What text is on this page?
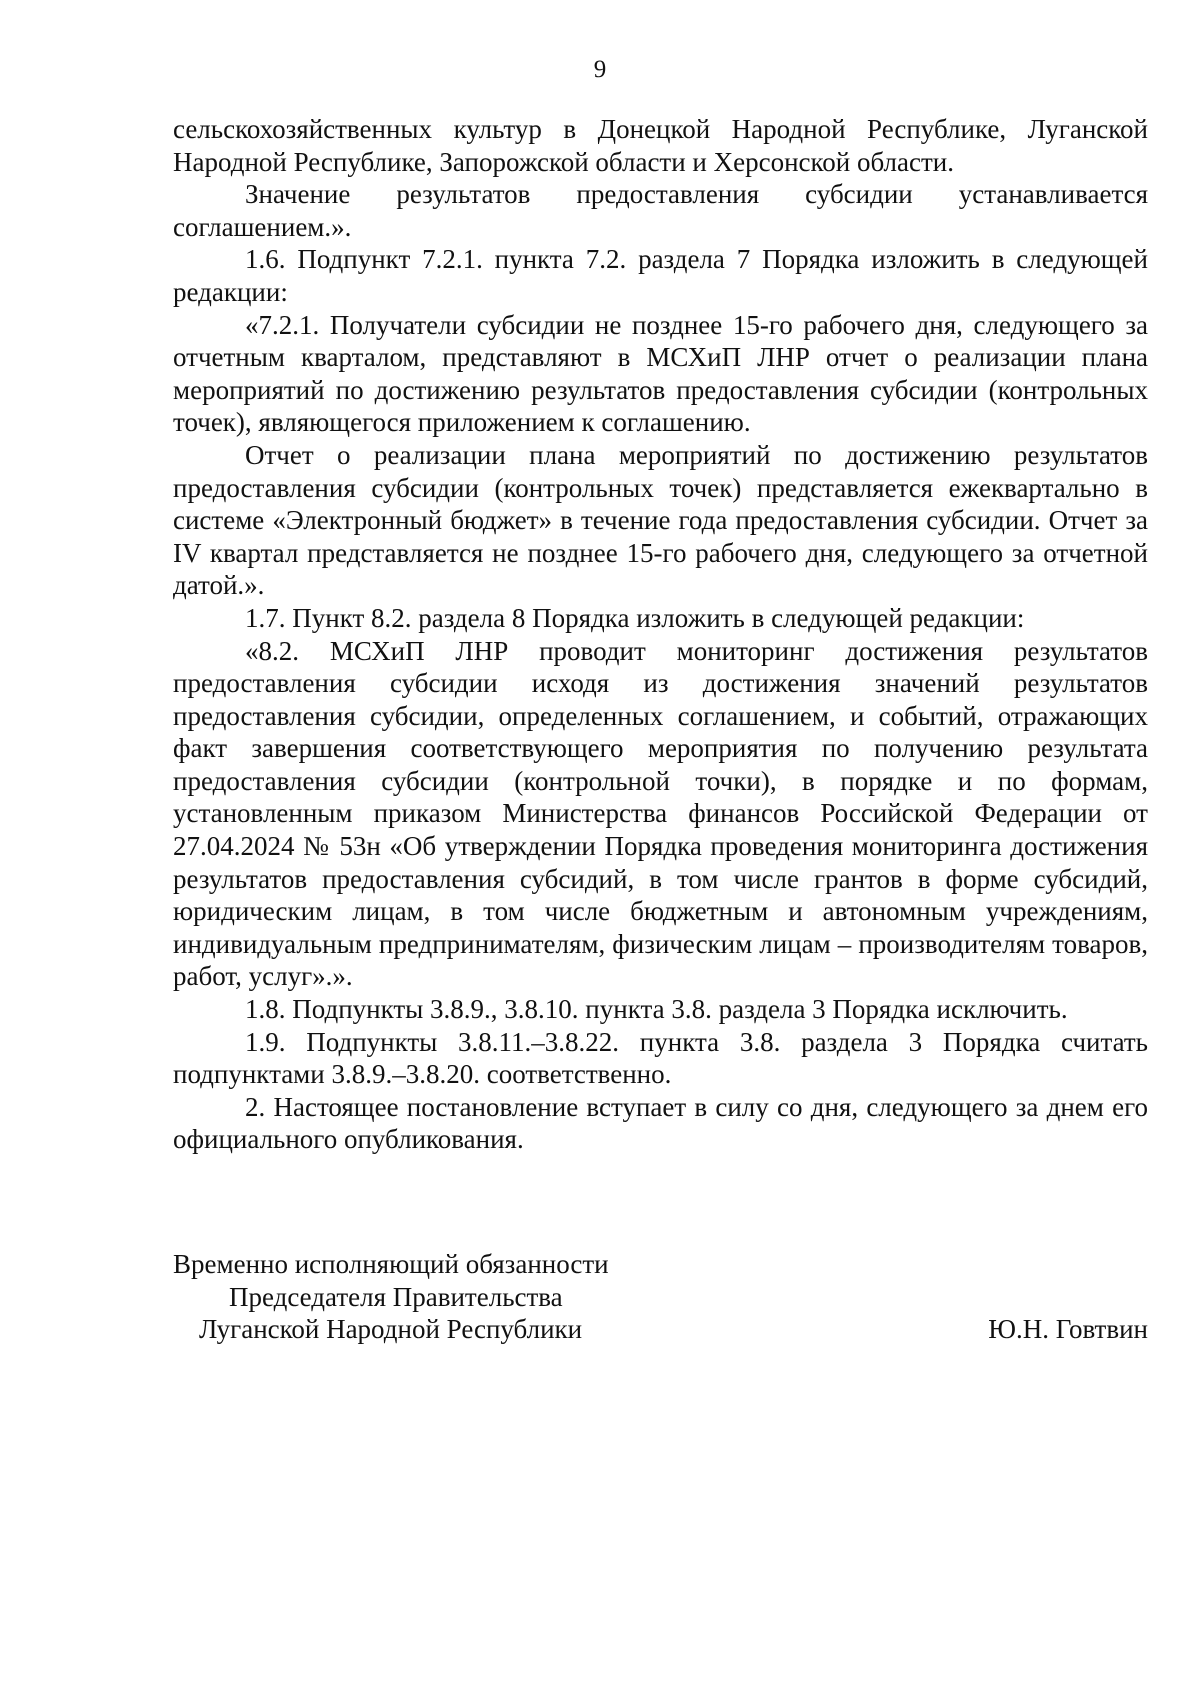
9

сельскохозяйственных культур в Донецкой Народной Республике, Луганской Народной Республике, Запорожской области и Херсонской области.

Значение результатов предоставления субсидии устанавливается соглашением.».

1.6. Подпункт 7.2.1. пункта 7.2. раздела 7 Порядка изложить в следующей редакции:

«7.2.1. Получатели субсидии не позднее 15-го рабочего дня, следующего за отчетным кварталом, представляют в МСХиП ЛНР отчет о реализации плана мероприятий по достижению результатов предоставления субсидии (контрольных точек), являющегося приложением к соглашению.

Отчет о реализации плана мероприятий по достижению результатов предоставления субсидии (контрольных точек) представляется ежеквартально в системе «Электронный бюджет» в течение года предоставления субсидии. Отчет за IV квартал представляется не позднее 15-го рабочего дня, следующего за отчетной датой.».

1.7. Пункт 8.2. раздела 8 Порядка изложить в следующей редакции:

«8.2. МСХиП ЛНР проводит мониторинг достижения результатов предоставления субсидии исходя из достижения значений результатов предоставления субсидии, определенных соглашением, и событий, отражающих факт завершения соответствующего мероприятия по получению результата предоставления субсидии (контрольной точки), в порядке и по формам, установленным приказом Министерства финансов Российской Федерации от 27.04.2024 № 53н «Об утверждении Порядка проведения мониторинга достижения результатов предоставления субсидий, в том числе грантов в форме субсидий, юридическим лицам, в том числе бюджетным и автономным учреждениям, индивидуальным предпринимателям, физическим лицам – производителям товаров, работ, услуг».».

1.8. Подпункты 3.8.9., 3.8.10. пункта 3.8. раздела 3 Порядка исключить.

1.9. Подпункты 3.8.11.–3.8.22. пункта 3.8. раздела 3 Порядка считать подпунктами 3.8.9.–3.8.20. соответственно.

2. Настоящее постановление вступает в силу со дня, следующего за днем его официального опубликования.

Временно исполняющий обязанности
Председателя Правительства
Луганской Народной Республики	Ю.Н. Говтвин
